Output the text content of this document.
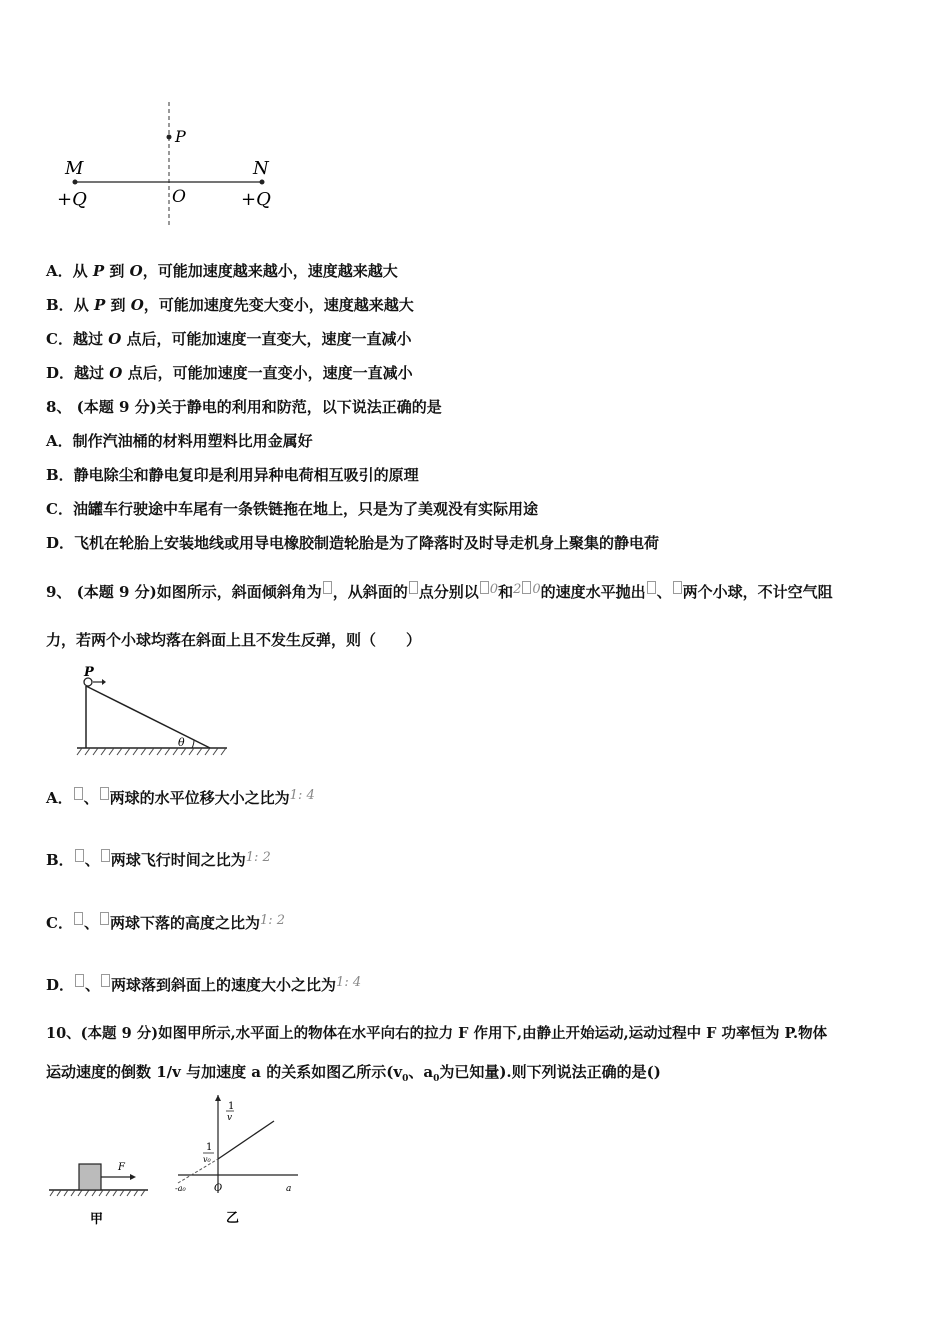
P
M	N
O
+Q	+Q
A．从 P 到 O，可能加速度越来越小，速度越来越大
B．从 P 到 O，可能加速度先变大变小，速度越来越大
C．越过 O 点后，可能加速度一直变大，速度一直减小
D．越过 O 点后，可能加速度一直变小，速度一直减小
8、 (本题 9 分)关于静电的利用和防范，以下说法正确的是
A．制作汽油桶的材料用塑料比用金属好
B．静电除尘和静电复印是利用异种电荷相互吸引的原理
C．油罐车行驶途中车尾有一条铁链拖在地上，只是为了美观没有实际用途
D．飞机在轮胎上安装地线或用导电橡胶制造轮胎是为了降落时及时导走机身上聚集的静电荷
9、 (本题 9 分)如图所示，斜面倾斜角为 ，从斜面的 点分别以 0和2 0的速度水平抛出 、 两个小球，不计空气阻
力，若两个小球均落在斜面上且不发生反弹，则（　　）
P
θ
A． 、 两球的水平位移大小之比为1: 4
B． 、 两球飞行时间之比为1: 2
C． 、 两球下落的高度之比为1: 2
D． 、 两球落到斜面上的速度大小之比为1: 4
10、(本题 9 分)如图甲所示,水平面上的物体在水平向右的拉力 F 作用下,由静止开始运动,运动过程中 F 功率恒为 P.物体
运动速度的倒数 1/v 与加速度 a 的关系如图乙所示($v_0$、$a_0$为已知量).则下列说法正确的是()
F
甲
1
v
1
v₀
-a₀	O	a
乙
